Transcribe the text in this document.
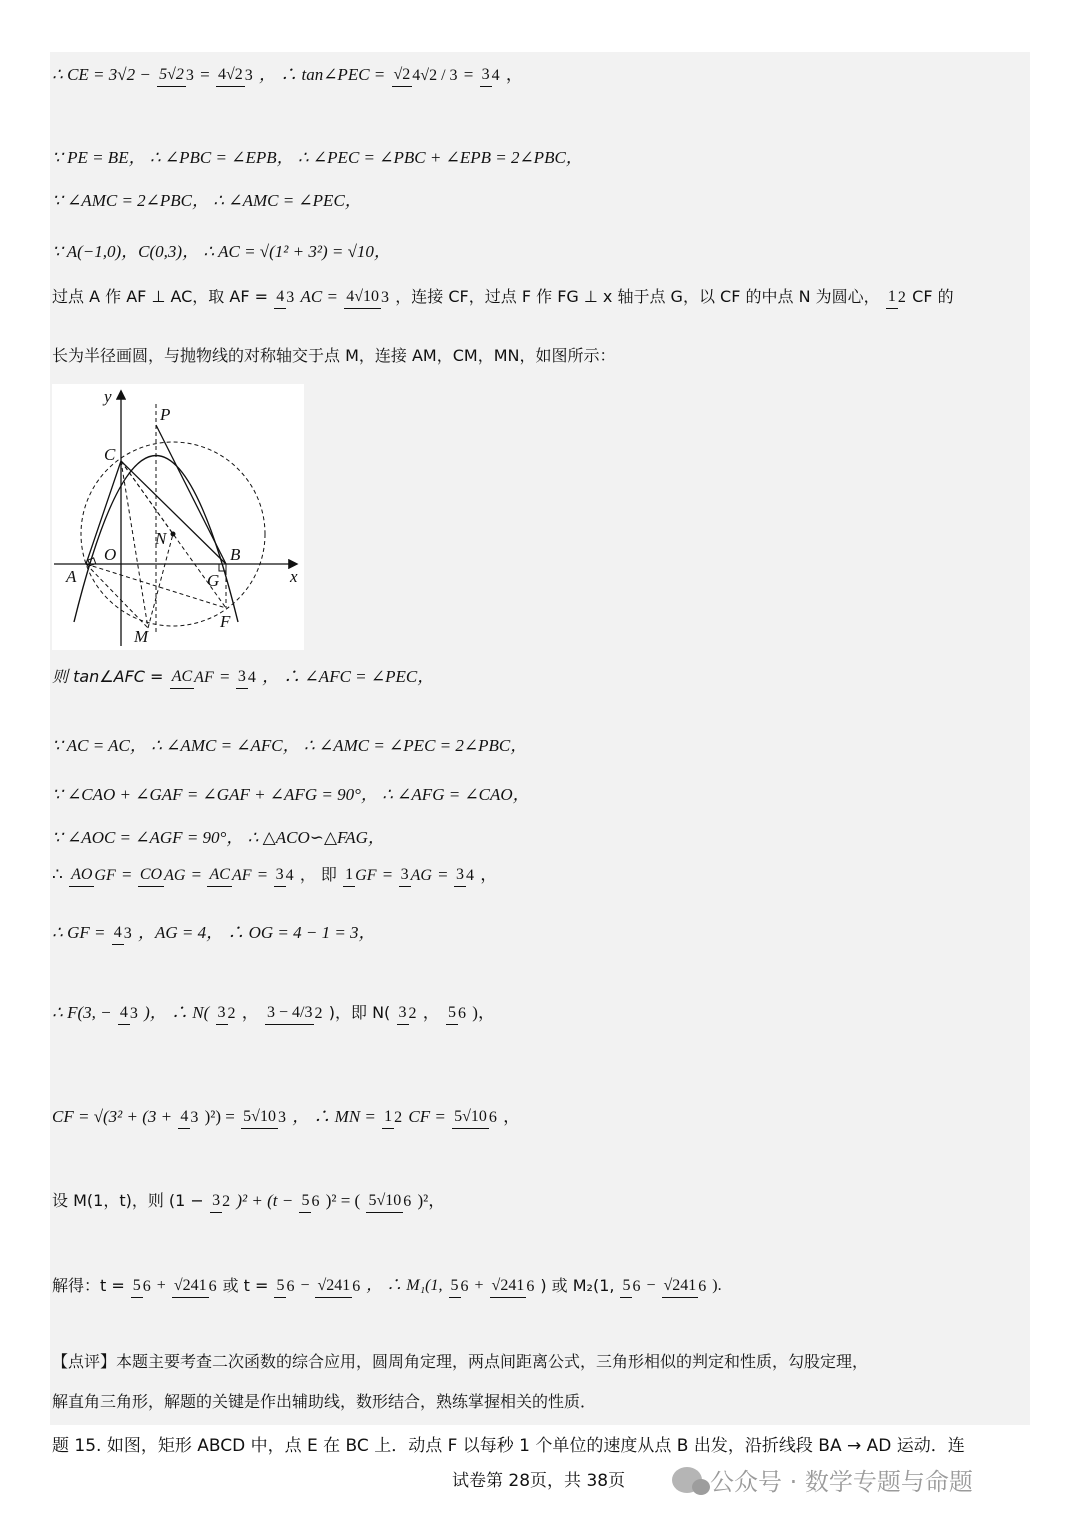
∴ CE = 3√2 − 5√2 3 = 4√2 3 ， ∴ tan∠PEC = √2 4√2 / 3 = 3 4 ，
∵ PE = BE， ∴ ∠PBC = ∠EPB， ∴ ∠PEC = ∠PBC + ∠EPB = 2∠PBC，
∵ ∠AMC = 2∠PBC， ∴ ∠AMC = ∠PEC，
∵ A(−1,0)，C(0,3)， ∴ AC = √(1² + 3²) = √10，
过点 A 作 AF ⊥ AC，取 AF = 4 3 AC = 4√10 3 ，连接 CF，过点 F 作 FG ⊥ x 轴于点 G，以 CF 的中点 N 为圆心， 1 2 CF 的
长为半径画圆，与抛物线的对称轴交于点 M，连接 AM，CM，MN，如图所示：
y
x
P
C
N
O	B
A	G
M
F
则 tan∠AFC = AC AF = 3 4 ， ∴ ∠AFC = ∠PEC，
∵ AC = AC， ∴ ∠AMC = ∠AFC， ∴ ∠AMC = ∠PEC = 2∠PBC，
∵ ∠CAO + ∠GAF = ∠GAF + ∠AFG = 90°， ∴ ∠AFG = ∠CAO，
∵ ∠AOC = ∠AGF = 90°， ∴ △ACO∽△FAG，
∴ AO GF = CO AG = AC AF = 3 4 ， 即 1 GF = 3 AG = 3 4 ，
∴ GF = 4 3 ，AG = 4， ∴ OG = 4 − 1 = 3，
∴ F(3, − 4 3 )， ∴ N( 3 2 ， 3 − 4/3 2 )，即 N( 3 2 ， 5 6 )，
CF = √(3² + (3 + 4 3 )²) = 5√10 3 ， ∴ MN = 1 2 CF = 5√10 6 ，
设 M(1，t)，则 (1 − 3 2 )² + (t − 5 6 )² = ( 5√10 6 )²，
解得：t = 5 6 + √241 6 或 t = 5 6 − √241 6 ， ∴ M₁(1, 5 6 + √241 6 ) 或 M₂(1, 5 6 − √241 6 ).
【点评】本题主要考查二次函数的综合应用，圆周角定理，两点间距离公式，三角形相似的判定和性质，勾股定理，
解直角三角形，解题的关键是作出辅助线，数形结合，熟练掌握相关的性质．
题 15. 如图，矩形 ABCD 中，点 E 在 BC 上．动点 F 以每秒 1 个单位的速度从点 B 出发，沿折线段 BA → AD 运动．连
试卷第 28页，共 38页	公众号 · 数学专题与命题
